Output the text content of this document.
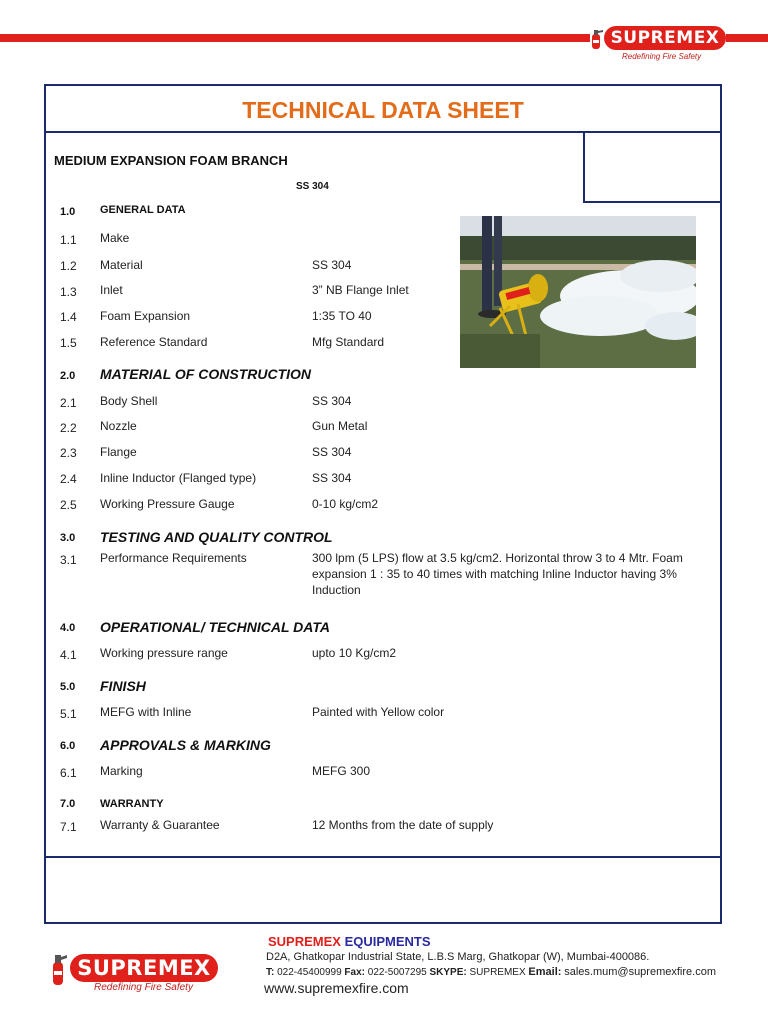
SUPREMEX
Redefining Fire Safety
TECHNICAL DATA SHEET
MEDIUM EXPANSION FOAM BRANCH
SS 304
1.0 GENERAL DATA
1.1 Make
1.2 Material	SS 304
1.3 Inlet	3” NB Flange Inlet
1.4 Foam Expansion	1:35 TO 40
1.5 Reference Standard	Mfg Standard
2.0 MATERIAL OF CONSTRUCTION
2.1 Body Shell	SS 304
2.2 Nozzle	Gun Metal
2.3 Flange	SS 304
2.4 Inline Inductor (Flanged type)	SS 304
2.5 Working Pressure Gauge	0-10 kg/cm2
3.0 TESTING AND QUALITY CONTROL
3.1 Performance Requirements	300 lpm (5 LPS) flow at 3.5 kg/cm2. Horizontal throw 3 to 4 Mtr. Foam expansion 1 : 35 to 40 times with matching Inline Inductor having 3% Induction
4.0 OPERATIONAL/ TECHNICAL DATA
4.1 Working pressure range	upto 10 Kg/cm2
5.0 FINISH
5.1 MEFG with Inline	Painted with Yellow color
6.0 APPROVALS & MARKING
6.1 Marking	MEFG 300
7.0 WARRANTY
7.1 Warranty & Guarantee	12 Months from the date of supply
SUPREMEX
Redefining Fire Safety
SUPREMEX EQUIPMENTS
D2A, Ghatkopar Industrial State, L.B.S Marg, Ghatkopar (W), Mumbai-400086.
T: 022-45400999 Fax: 022-5007295 SKYPE: SUPREMEX Email: sales.mum@supremexfire.com
www.supremexfire.com
